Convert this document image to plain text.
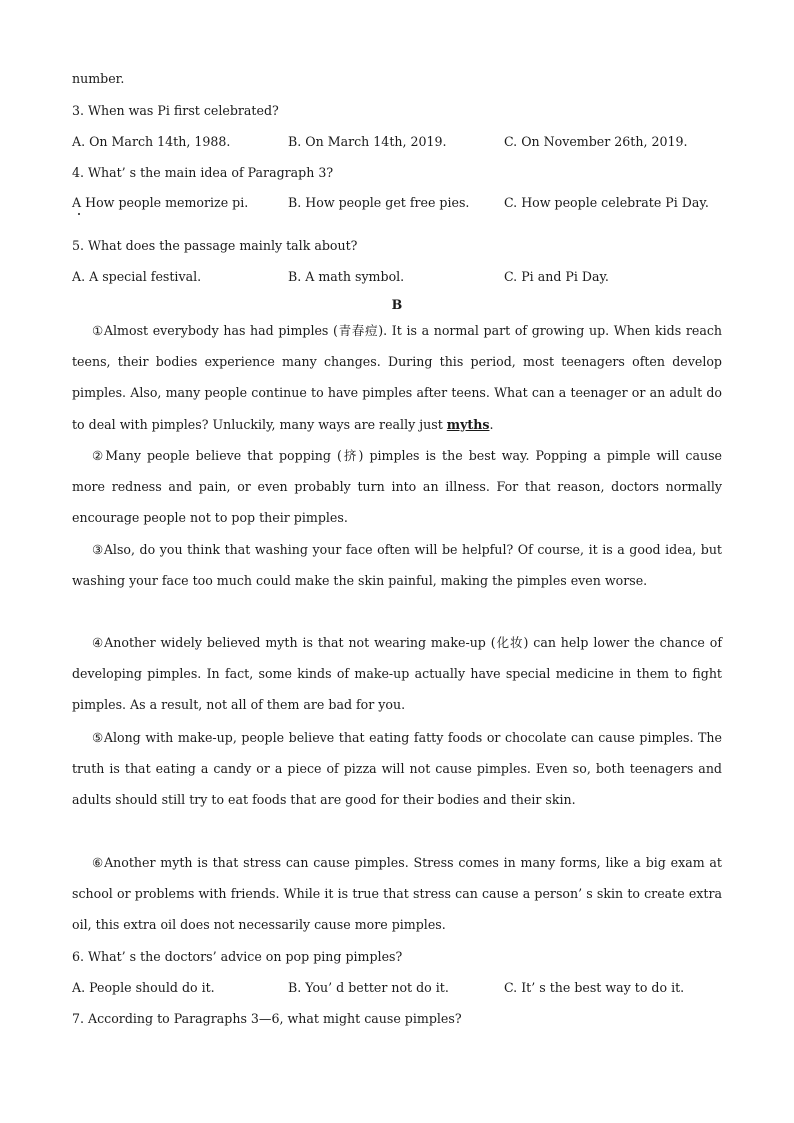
number.
3. When was Pi first celebrated?
A. On March 14th, 1988.	B. On March 14th, 2019.	C. On November 26th, 2019.
4. What’ s the main idea of Paragraph 3?
A How people memorize pi.	B. How people get free pies.	C. How people celebrate Pi Day.
5. What does the passage mainly talk about?
A. A special festival.	B. A math symbol.	C. Pi and Pi Day.
B

①Almost everybody has had pimples (青春痘). It is a normal part of growing up. When kids reach teens, their bodies experience many changes. During this period, most teenagers often develop pimples. Also, many people continue to have pimples after teens. What can a teenager or an adult do to deal with pimples? Unluckily, many ways are really just myths.

②Many people believe that popping (挤) pimples is the best way. Popping a pimple will cause more redness and pain, or even probably turn into an illness. For that reason, doctors normally encourage people not to pop their pimples.

③Also, do you think that washing your face often will be helpful? Of course, it is a good idea, but washing your face too much could make the skin painful, making the pimples even worse.

④Another widely believed myth is that not wearing make-up (化妆) can help lower the chance of developing pimples. In fact, some kinds of make-up actually have special medicine in them to fight pimples. As a result, not all of them are bad for you.

⑤Along with make-up, people believe that eating fatty foods or chocolate can cause pimples. The truth is that eating a candy or a piece of pizza will not cause pimples. Even so, both teenagers and adults should still try to eat foods that are good for their bodies and their skin.

⑥Another myth is that stress can cause pimples. Stress comes in many forms, like a big exam at school or problems with friends. While it is true that stress can cause a person’ s skin to create extra oil, this extra oil does not necessarily cause more pimples.

6. What’ s the doctors’ advice on pop ping pimples?
A. People should do it.	B. You’ d better not do it.	C. It’ s the best way to do it.
7. According to Paragraphs 3—6, what might cause pimples?
